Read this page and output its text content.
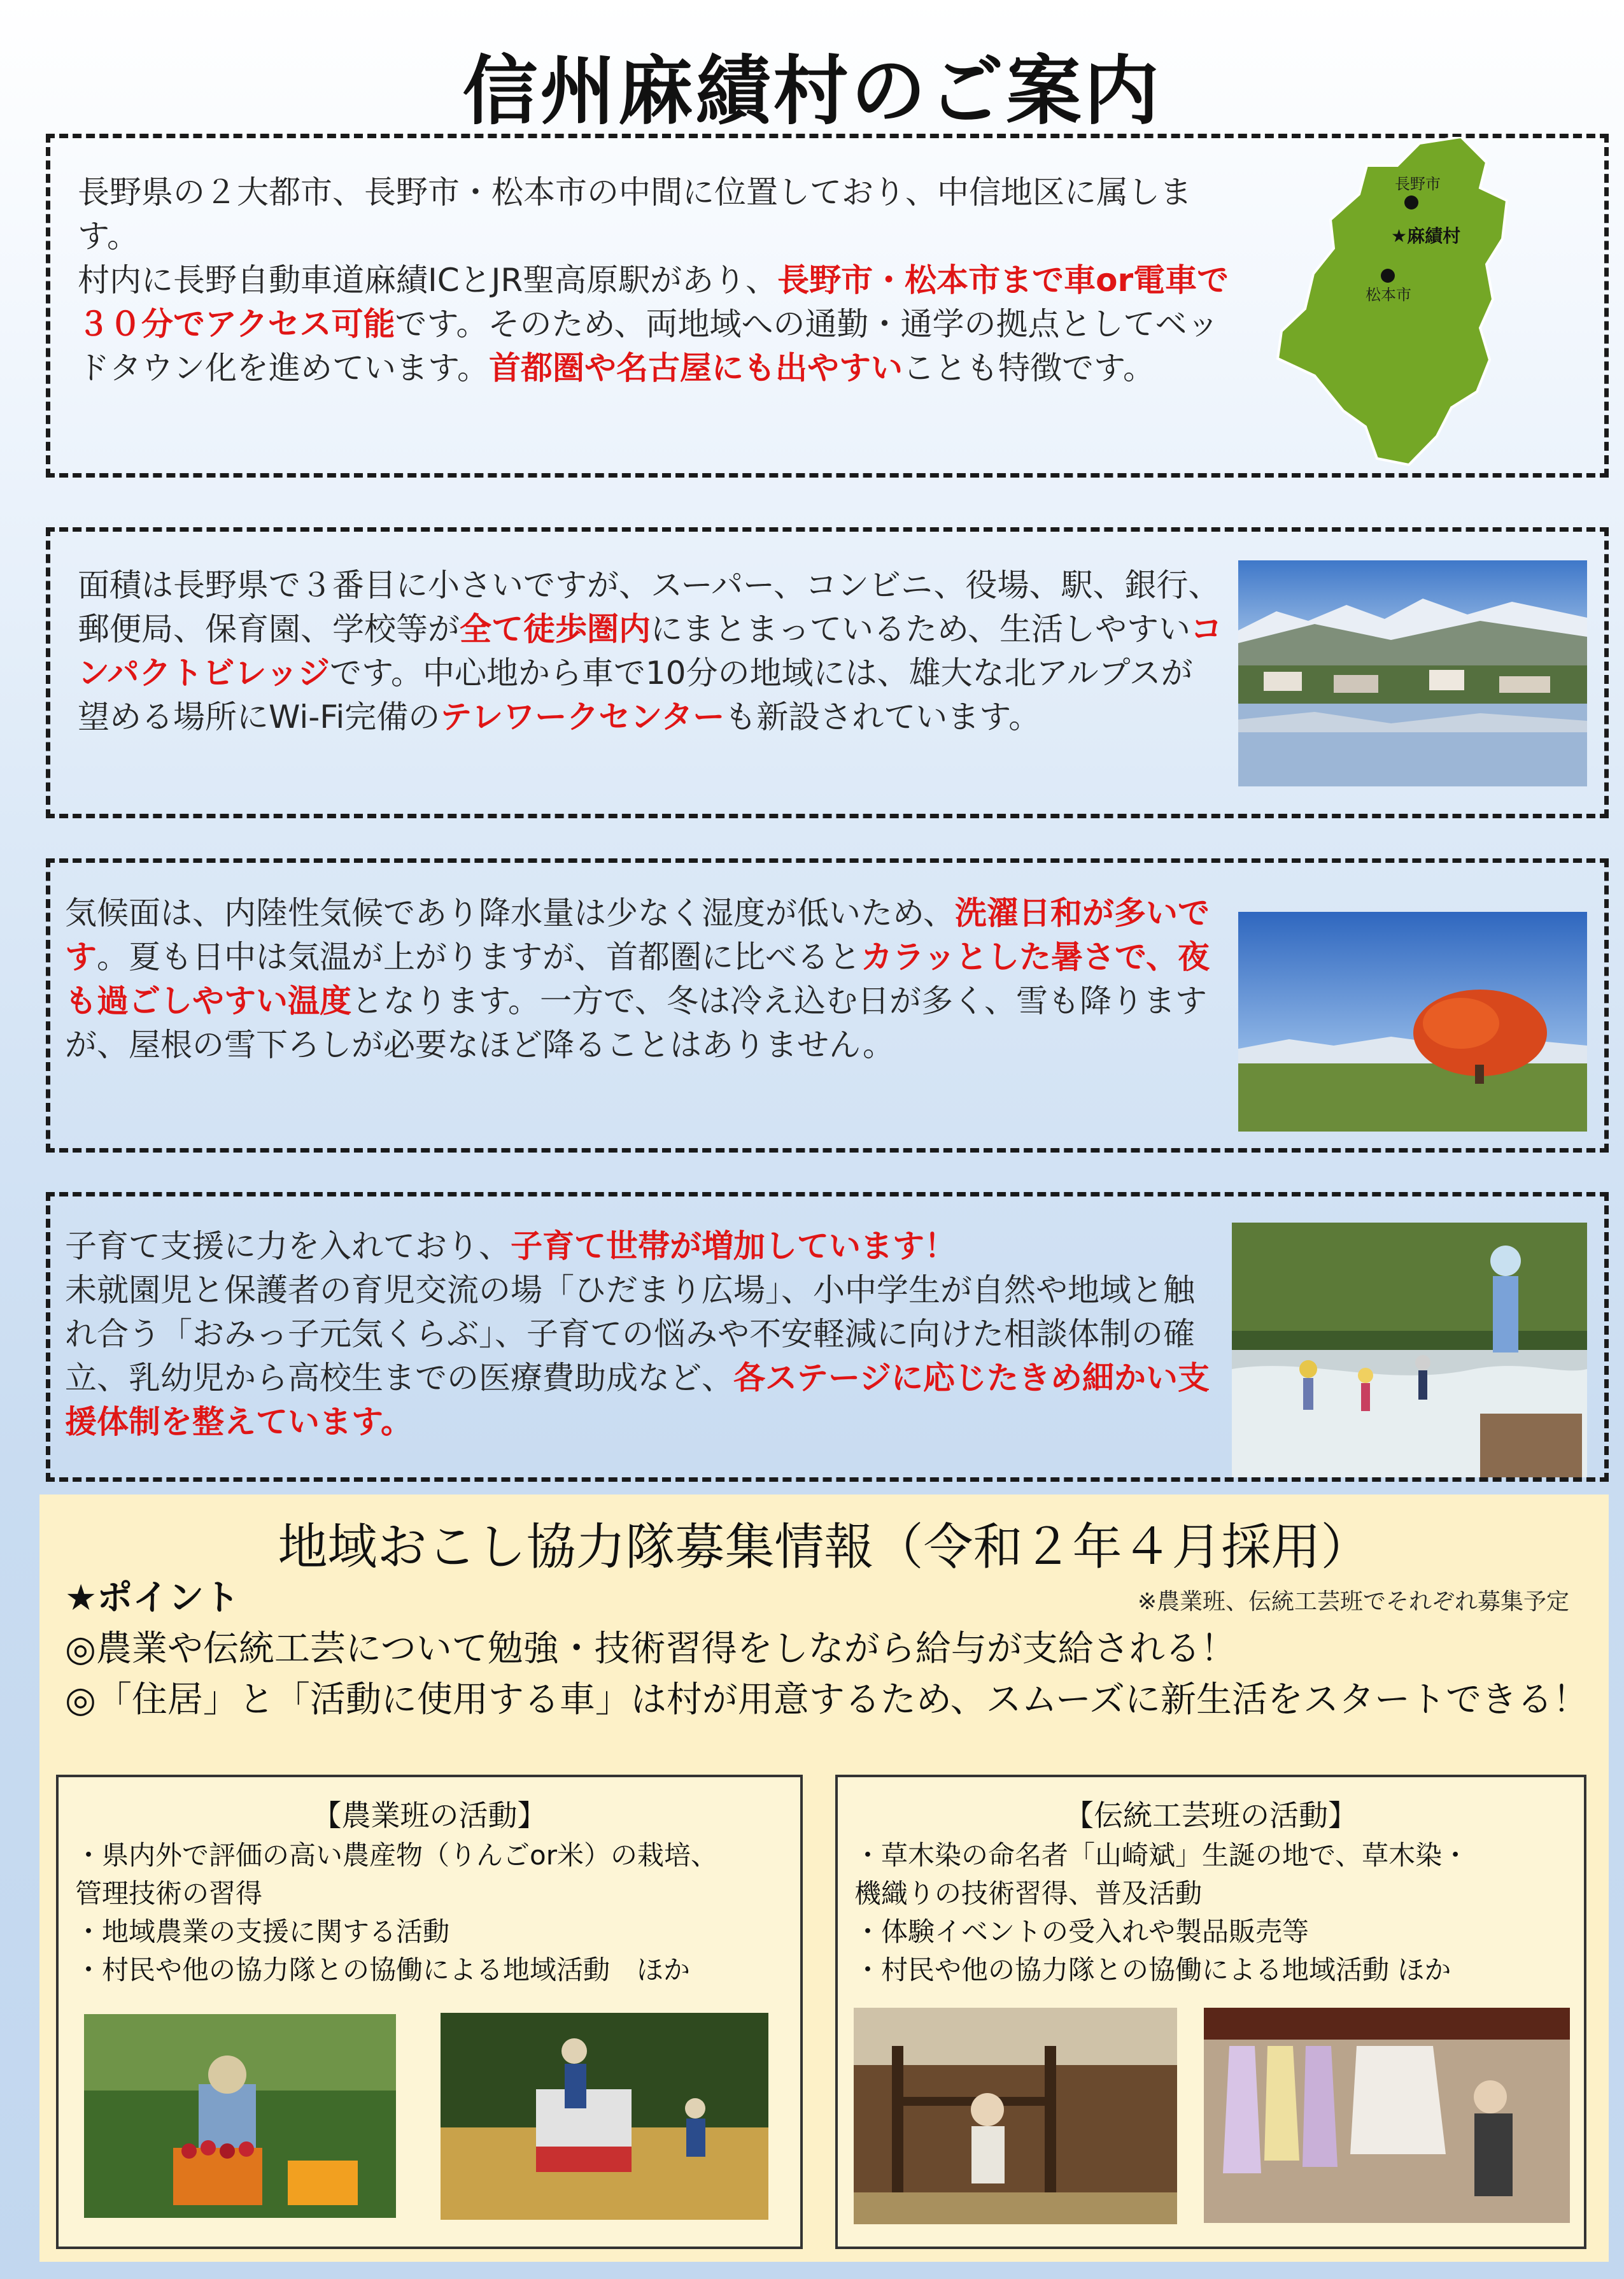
信州麻績村のご案内
長野県の２大都市、長野市・松本市の中間に位置しており、中信地区に属します。
村内に長野自動車道麻績ICとJR聖高原駅があり、長野市・松本市まで車or電車で３０分でアクセス可能です。そのため、両地域への通勤・通学の拠点としてベッドタウン化を進めています。首都圏や名古屋にも出やすいことも特徴です。
長野市
★麻績村
松本市
面積は長野県で３番目に小さいですが、スーパー、コンビニ、役場、駅、銀行、郵便局、保育園、学校等が全て徒歩圏内にまとまっているため、生活しやすいコンパクトビレッジです。中心地から車で10分の地域には、雄大な北アルプスが望める場所にWi-Fi完備のテレワークセンターも新設されています。
気候面は、内陸性気候であり降水量は少なく湿度が低いため、洗濯日和が多いです。夏も日中は気温が上がりますが、首都圏に比べるとカラッとした暑さで、夜も過ごしやすい温度となります。一方で、冬は冷え込む日が多く、雪も降りますが、屋根の雪下ろしが必要なほど降ることはありません。
子育て支援に力を入れており、子育て世帯が増加しています！
未就園児と保護者の育児交流の場「ひだまり広場」、小中学生が自然や地域と触れ合う「おみっ子元気くらぶ」、子育ての悩みや不安軽減に向けた相談体制の確立、乳幼児から高校生までの医療費助成など、各ステージに応じたきめ細かい支援体制を整えています。
地域おこし協力隊募集情報（令和２年４月採用）
★ポイント	※農業班、伝統工芸班でそれぞれ募集予定
◎農業や伝統工芸について勉強・技術習得をしながら給与が支給される！
◎「住居」と「活動に使用する車」は村が用意するため、スムーズに新生活をスタートできる！
【農業班の活動】
・県内外で評価の高い農産物（りんごor米）の栽培、
管理技術の習得
・地域農業の支援に関する活動
・村民や他の協力隊との協働による地域活動　ほか
【伝統工芸班の活動】
・草木染の命名者「山崎斌」生誕の地で、草木染・
機織りの技術習得、普及活動
・体験イベントの受入れや製品販売等
・村民や他の協力隊との協働による地域活動 ほか
